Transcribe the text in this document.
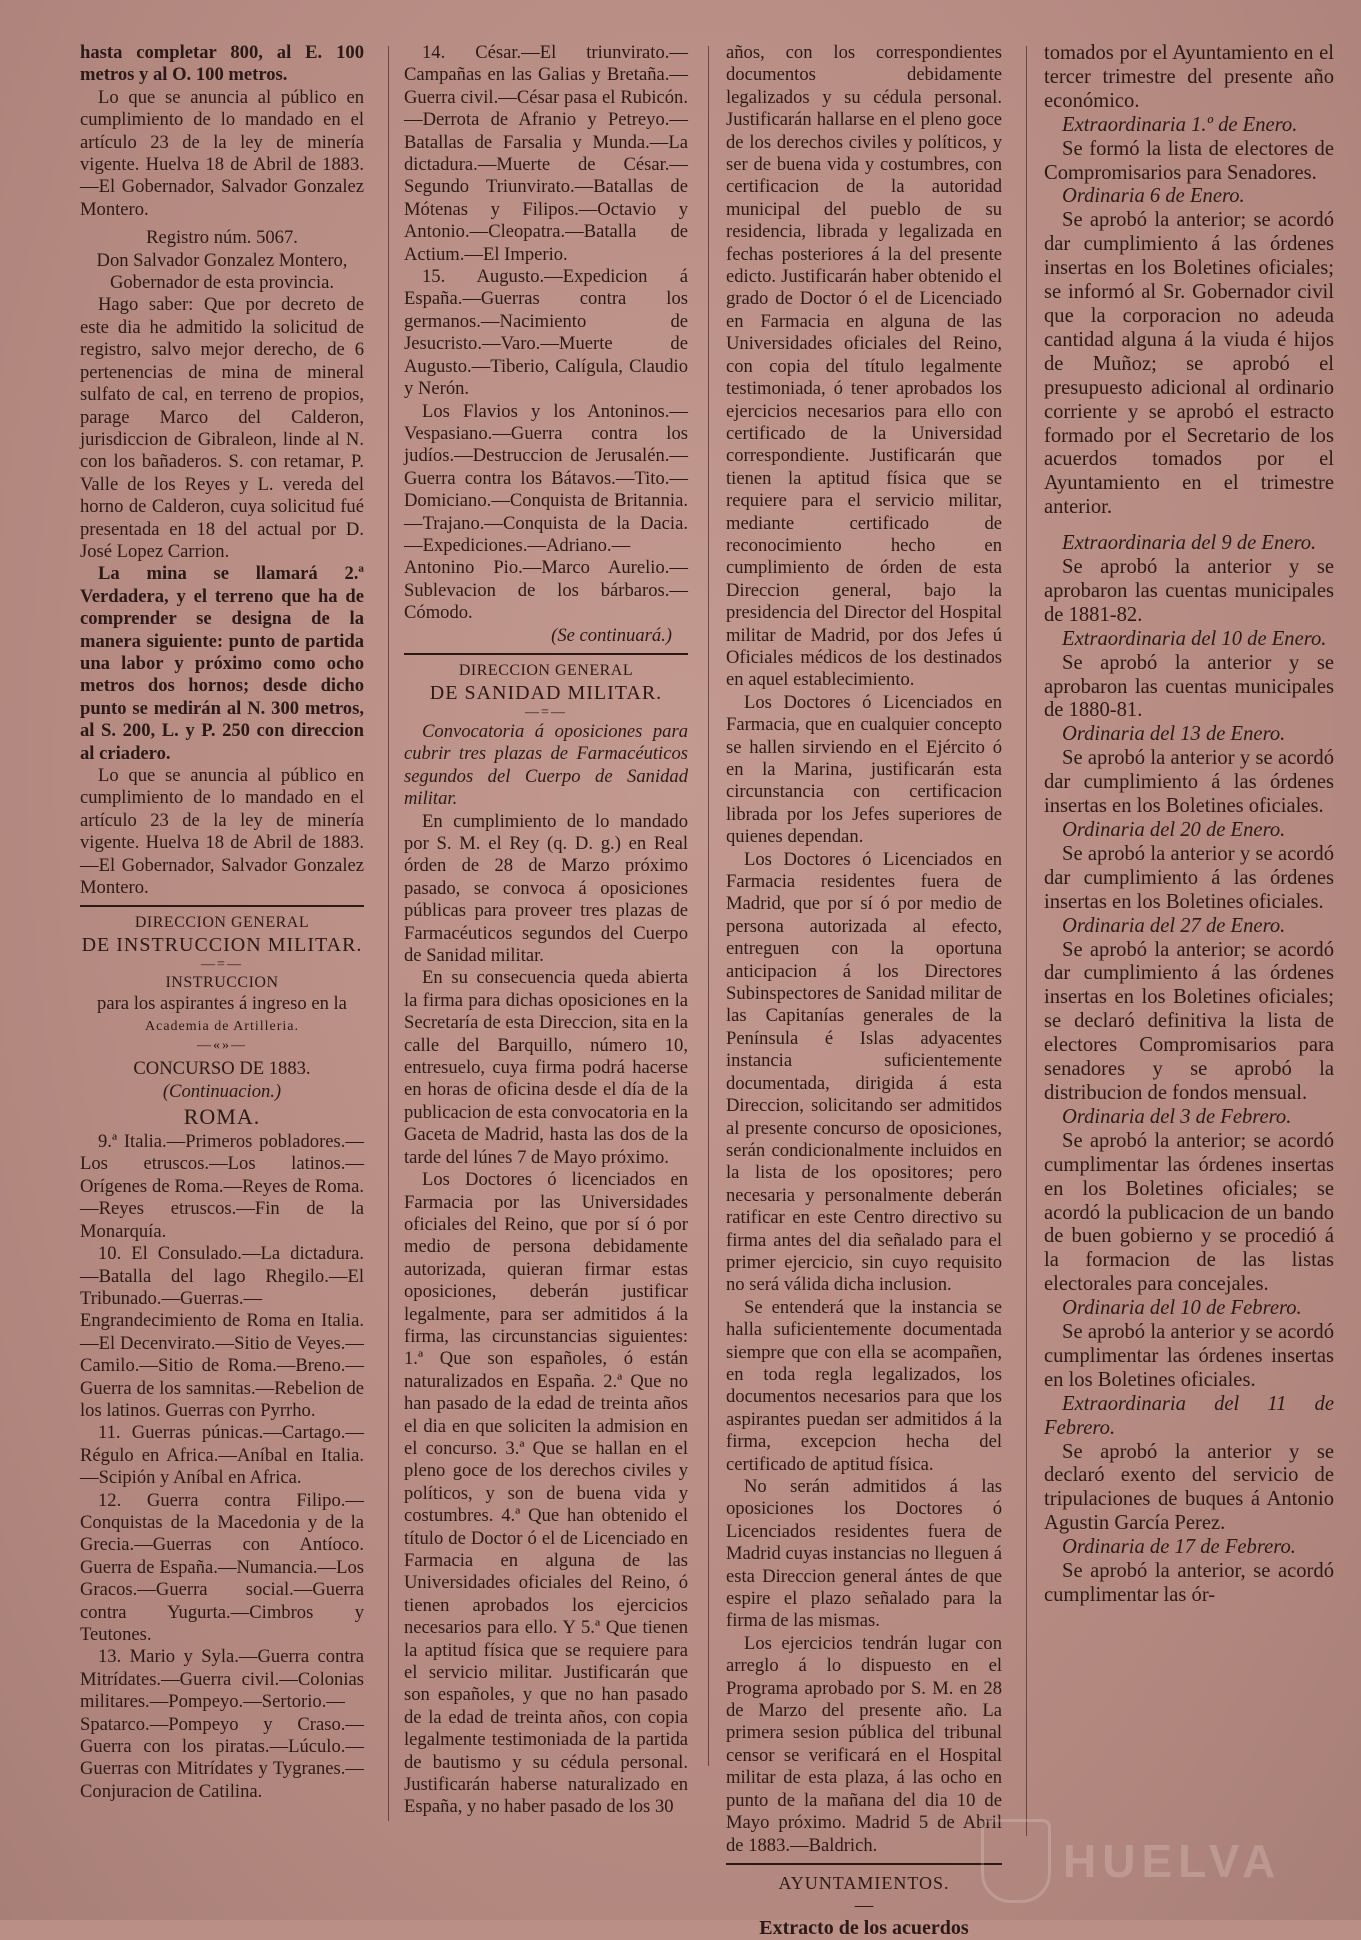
hasta completar 800, al E. 100 metros y al O. 100 metros.

Lo que se anuncia al público en cumplimiento de lo mandado en el artículo 23 de la ley de minería vigente. Huelva 18 de Abril de 1883.—El Gobernador, Salvador Gonzalez Montero.

Registro núm. 5067.

Don Salvador Gonzalez Montero, Gobernador de esta provincia.

Hago saber: Que por decreto de este dia he admitido la solicitud de registro, salvo mejor derecho, de 6 pertenencias de mina de mineral sulfato de cal, en terreno de propios, parage Marco del Calderon, jurisdiccion de Gibraleon, linde al N. con los bañaderos. S. con retamar, P. Valle de los Reyes y L. vereda del horno de Calderon, cuya solicitud fué presentada en 18 del actual por D. José Lopez Carrion.

La mina se llamará 2.ª Verdadera, y el terreno que ha de comprender se designa de la manera siguiente: punto de partida una labor y próximo como ocho metros dos hornos; desde dicho punto se medirán al N. 300 metros, al S. 200, L. y P. 250 con direccion al criadero.

Lo que se anuncia al público en cumplimiento de lo mandado en el artículo 23 de la ley de minería vigente. Huelva 18 de Abril de 1883.—El Gobernador, Salvador Gonzalez Montero.

DIRECCION GENERAL
DE INSTRUCCION MILITAR.
—=—
INSTRUCCION
para los aspirantes á ingreso en la
Academia de Artilleria.
—«»—
CONCURSO DE 1883.
(Continuacion.)
ROMA.

9.ª Italia.—Primeros pobladores.—Los etruscos.—Los latinos.—Orígenes de Roma.—Reyes de Roma.—Reyes etruscos.—Fin de la Monarquía.

10. El Consulado.—La dictadura.—Batalla del lago Rhegilo.—El Tribunado.—Guerras.—Engrandecimiento de Roma en Italia.—El Decenvirato.—Sitio de Veyes.—Camilo.—Sitio de Roma.—Breno.—Guerra de los samnitas.—Rebelion de los latinos. Guerras con Pyrrho.

11. Guerras púnicas.—Cartago.—Régulo en Africa.—Aníbal en Italia.—Scipión y Aníbal en Africa.

12. Guerra contra Filipo.—Conquistas de la Macedonia y de la Grecia.—Guerras con Antíoco. Guerra de España.—Numancia.—Los Gracos.—Guerra social.—Guerra contra Yugurta.—Cimbros y Teutones.

13. Mario y Syla.—Guerra contra Mitrídates.—Guerra civil.—Colonias militares.—Pompeyo.—Sertorio.—Spatarco.—Pompeyo y Craso.—Guerra con los piratas.—Lúculo.—Guerras con Mitrídates y Tygranes.—Conjuracion de Catilina.

14. César.—El triunvirato.—Campañas en las Galias y Bretaña.—Guerra civil.—César pasa el Rubicón.—Derrota de Afranio y Petreyo.—Batallas de Farsalia y Munda.—La dictadura.—Muerte de César.—Segundo Triunvirato.—Batallas de Mótenas y Filipos.—Octavio y Antonio.—Cleopatra.—Batalla de Actium.—El Imperio.

15. Augusto.—Expedicion á España.—Guerras contra los germanos.—Nacimiento de Jesucristo.—Varo.—Muerte de Augusto.—Tiberio, Calígula, Claudio y Nerón.

Los Flavios y los Antoninos.—Vespasiano.—Guerra contra los judíos.—Destruccion de Jerusalén.—Guerra contra los Bátavos.—Tito.—Domiciano.—Conquista de Britannia.—Trajano.—Conquista de la Dacia.—Expediciones.—Adriano.—Antonino Pio.—Marco Aurelio.—Sublevacion de los bárbaros.—Cómodo.

(Se continuará.)
DIRECCION GENERAL
DE SANIDAD MILITAR.
—=—

Convocatoria á oposiciones para cubrir tres plazas de Farmacéuticos segundos del Cuerpo de Sanidad militar.

En cumplimiento de lo mandado por S. M. el Rey (q. D. g.) en Real órden de 28 de Marzo próximo pasado, se convoca á oposiciones públicas para proveer tres plazas de Farmacéuticos segundos del Cuerpo de Sanidad militar.

En su consecuencia queda abierta la firma para dichas oposiciones en la Secretaría de esta Direccion, sita en la calle del Barquillo, número 10, entresuelo, cuya firma podrá hacerse en horas de oficina desde el día de la publicacion de esta convocatoria en la Gaceta de Madrid, hasta las dos de la tarde del lúnes 7 de Mayo próximo.

Los Doctores ó licenciados en Farmacia por las Universidades oficiales del Reino, que por sí ó por medio de persona debidamente autorizada, quieran firmar estas oposiciones, deberán justificar legalmente, para ser admitidos á la firma, las circunstancias siguientes: 1.ª Que son españoles, ó están naturalizados en España. 2.ª Que no han pasado de la edad de treinta años el dia en que soliciten la admision en el concurso. 3.ª Que se hallan en el pleno goce de los derechos civiles y políticos, y son de buena vida y costumbres. 4.ª Que han obtenido el título de Doctor ó el de Licenciado en Farmacia en alguna de las Universidades oficiales del Reino, ó tienen aprobados los ejercicios necesarios para ello. Y 5.ª Que tienen la aptitud física que se requiere para el servicio militar. Justificarán que son españoles, y que no han pasado de la edad de treinta años, con copia legalmente testimoniada de la partida de bautismo y su cédula personal. Justificarán haberse naturalizado en España, y no haber pasado de los 30

años, con los correspondientes documentos debidamente legalizados y su cédula personal. Justificarán hallarse en el pleno goce de los derechos civiles y políticos, y ser de buena vida y costumbres, con certificacion de la autoridad municipal del pueblo de su residencia, librada y legalizada en fechas posteriores á la del presente edicto. Justificarán haber obtenido el grado de Doctor ó el de Licenciado en Farmacia en alguna de las Universidades oficiales del Reino, con copia del título legalmente testimoniada, ó tener aprobados los ejercicios necesarios para ello con certificado de la Universidad correspondiente. Justificarán que tienen la aptitud física que se requiere para el servicio militar, mediante certificado de reconocimiento hecho en cumplimiento de órden de esta Direccion general, bajo la presidencia del Director del Hospital militar de Madrid, por dos Jefes ú Oficiales médicos de los destinados en aquel establecimiento.

Los Doctores ó Licenciados en Farmacia, que en cualquier concepto se hallen sirviendo en el Ejército ó en la Marina, justificarán esta circunstancia con certificacion librada por los Jefes superiores de quienes dependan.

Los Doctores ó Licenciados en Farmacia residentes fuera de Madrid, que por sí ó por medio de persona autorizada al efecto, entreguen con la oportuna anticipacion á los Directores Subinspectores de Sanidad militar de las Capitanías generales de la Península é Islas adyacentes instancia suficientemente documentada, dirigida á esta Direccion, solicitando ser admitidos al presente concurso de oposiciones, serán condicionalmente incluidos en la lista de los opositores; pero necesaria y personalmente deberán ratificar en este Centro directivo su firma antes del dia señalado para el primer ejercicio, sin cuyo requisito no será válida dicha inclusion.

Se entenderá que la instancia se halla suficientemente documentada siempre que con ella se acompañen, en toda regla legalizados, los documentos necesarios para que los aspirantes puedan ser admitidos á la firma, excepcion hecha del certificado de aptitud física.

No serán admitidos á las oposiciones los Doctores ó Licenciados residentes fuera de Madrid cuyas instancias no lleguen á esta Direccion general ántes de que espire el plazo señalado para la firma de las mismas.

Los ejercicios tendrán lugar con arreglo á lo dispuesto en el Programa aprobado por S. M. en 28 de Marzo del presente año. La primera sesion pública del tribunal censor se verificará en el Hospital militar de esta plaza, á las ocho en punto de la mañana del dia 10 de Mayo próximo. Madrid 5 de Abril de 1883.—Baldrich.

AYUNTAMIENTOS.
—
Extracto de los acuerdos

tomados por el Ayuntamiento en el tercer trimestre del presente año económico.

Extraordinaria 1.º de Enero.

Se formó la lista de electores de Compromisarios para Senadores.

Ordinaria 6 de Enero.

Se aprobó la anterior; se acordó dar cumplimiento á las órdenes insertas en los Boletines oficiales; se informó al Sr. Gobernador civil que la corporacion no adeuda cantidad alguna á la viuda é hijos de Muñoz; se aprobó el presupuesto adicional al ordinario corriente y se aprobó el estracto formado por el Secretario de los acuerdos tomados por el Ayuntamiento en el trimestre anterior.

Extraordinaria del 9 de Enero.

Se aprobó la anterior y se aprobaron las cuentas municipales de 1881-82.

Extraordinaria del 10 de Enero.

Se aprobó la anterior y se aprobaron las cuentas municipales de 1880-81.

Ordinaria del 13 de Enero.

Se aprobó la anterior y se acordó dar cumplimiento á las órdenes insertas en los Boletines oficiales.

Ordinaria del 20 de Enero.

Se aprobó la anterior y se acordó dar cumplimiento á las órdenes insertas en los Boletines oficiales.

Ordinaria del 27 de Enero.

Se aprobó la anterior; se acordó dar cumplimiento á las órdenes insertas en los Boletines oficiales; se declaró definitiva la lista de electores Compromisarios para senadores y se aprobó la distribucion de fondos mensual.

Ordinaria del 3 de Febrero.

Se aprobó la anterior; se acordó cumplimentar las órdenes insertas en los Boletines oficiales; se acordó la publicacion de un bando de buen gobierno y se procedió á la formacion de las listas electorales para concejales.

Ordinaria del 10 de Febrero.

Se aprobó la anterior y se acordó cumplimentar las órdenes insertas en los Boletines oficiales.

Extraordinaria del 11 de Febrero.

Se aprobó la anterior y se declaró exento del servicio de tripulaciones de buques á Antonio Agustin García Perez.

Ordinaria de 17 de Febrero.

Se aprobó la anterior, se acordó cumplimentar las ór-

HUELVA
